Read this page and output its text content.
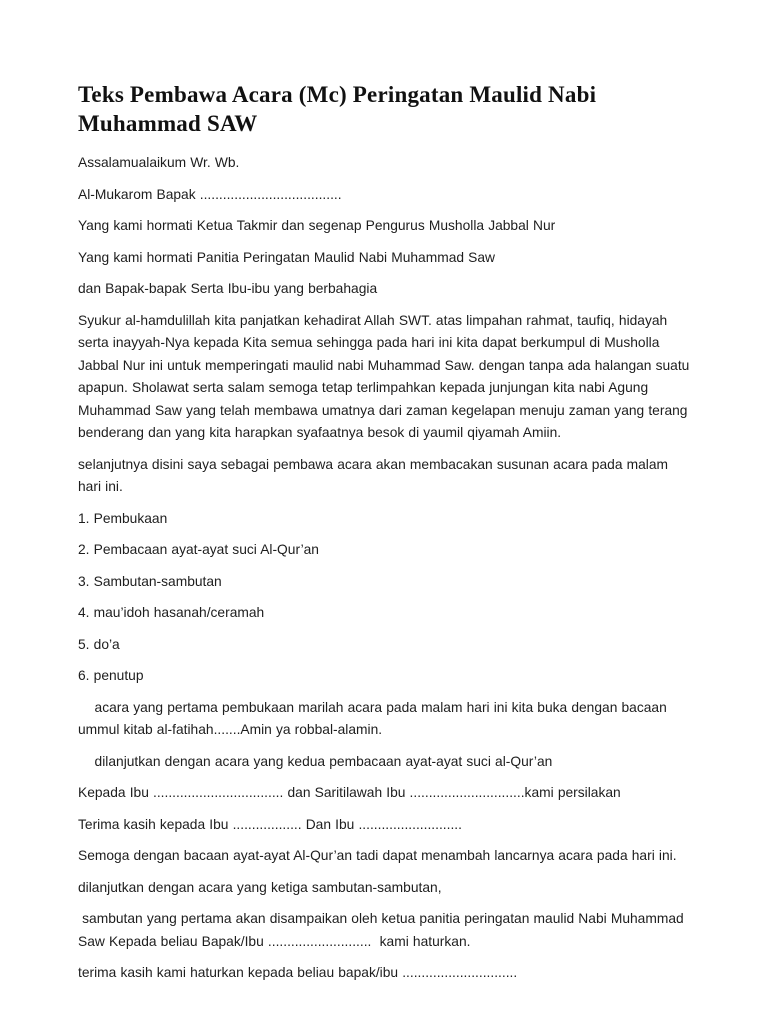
Teks Pembawa Acara (Mc) Peringatan Maulid Nabi Muhammad SAW

Assalamualaikum Wr. Wb.

Al-Mukarom Bapak .....................................

Yang kami hormati Ketua Takmir dan segenap Pengurus Musholla Jabbal Nur

Yang kami hormati Panitia Peringatan Maulid Nabi Muhammad Saw

dan Bapak-bapak Serta Ibu-ibu yang berbahagia

Syukur al-hamdulillah kita panjatkan kehadirat Allah SWT. atas limpahan rahmat, taufiq, hidayah serta inayyah-Nya kepada Kita semua sehingga pada hari ini kita dapat berkumpul di Musholla Jabbal Nur ini untuk memperingati maulid nabi Muhammad Saw. dengan tanpa ada halangan suatu apapun. Sholawat serta salam semoga tetap terlimpahkan kepada junjungan kita nabi Agung Muhammad Saw yang telah membawa umatnya dari zaman kegelapan menuju zaman yang terang benderang dan yang kita harapkan syafaatnya besok di yaumil qiyamah Amiin.

selanjutnya disini saya sebagai pembawa acara akan membacakan susunan acara pada malam hari ini.

1. Pembukaan

2. Pembacaan ayat-ayat suci Al-Qur’an

3. Sambutan-sambutan

4. mau’idoh hasanah/ceramah

5. do’a

6. penutup

acara yang pertama pembukaan marilah acara pada malam hari ini kita buka dengan bacaan ummul kitab al-fatihah.......Amin ya robbal-alamin.

dilanjutkan dengan acara yang kedua pembacaan ayat-ayat suci al-Qur’an

Kepada Ibu .................................. dan Saritilawah Ibu ..............................kami persilakan

Terima kasih kepada Ibu .................. Dan Ibu ...........................

Semoga dengan bacaan ayat-ayat Al-Qur’an tadi dapat menambah lancarnya acara pada hari ini.

dilanjutkan dengan acara yang ketiga sambutan-sambutan,

sambutan yang pertama akan disampaikan oleh ketua panitia peringatan maulid Nabi Muhammad Saw Kepada beliau Bapak/Ibu ...........................  kami haturkan.

terima kasih kami haturkan kepada beliau bapak/ibu ..............................
